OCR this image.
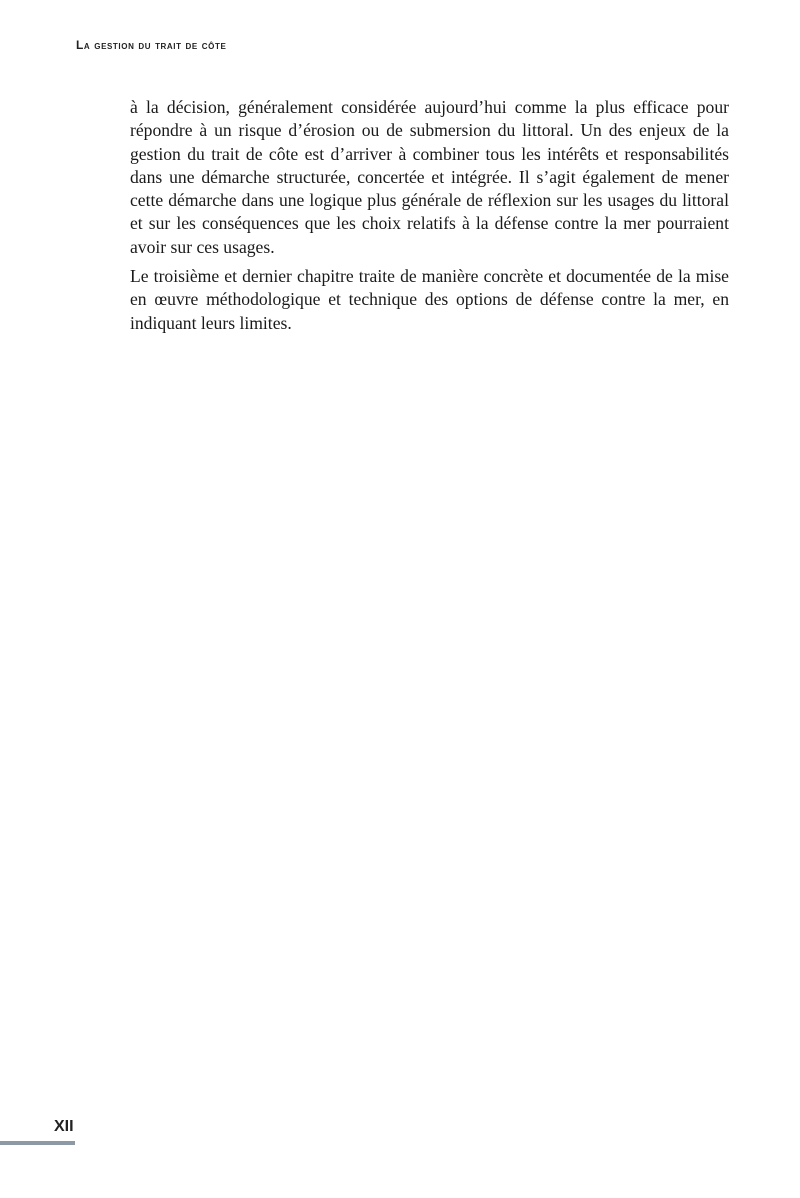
La gestion du trait de côte

à la décision, généralement considérée aujourd’hui comme la plus efficace pour répondre à un risque d’érosion ou de submersion du littoral. Un des enjeux de la gestion du trait de côte est d’arriver à combiner tous les intérêts et responsabilités dans une démarche structurée, concertée et intégrée. Il s’agit également de mener cette démarche dans une logique plus générale de réflexion sur les usages du littoral et sur les conséquences que les choix relatifs à la défense contre la mer pourraient avoir sur ces usages.

Le troisième et dernier chapitre traite de manière concrète et documentée de la mise en œuvre méthodologique et technique des options de défense contre la mer, en indiquant leurs limites.

XII
